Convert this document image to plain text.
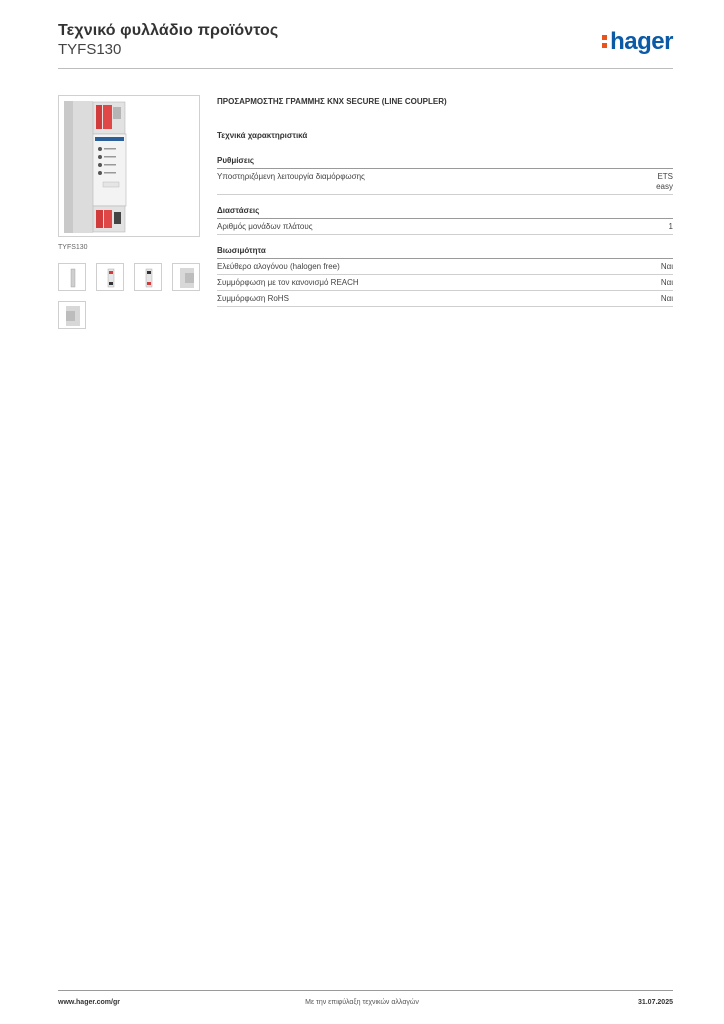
Τεχνικό φυλλάδιο προϊόντος
TYFS130	hager
TYFS130
ΠΡΟΣΑΡΜΟΣΤΗΣ ΓΡΑΜΜΗΣ KNX SECURE (LINE COUPLER)
Τεχνικά χαρακτηριστικά
Ρυθμίσεις
Υποστηριζόμενη λειτουργία διαμόρφωσης	ETS
easy
Διαστάσεις
Αριθμός μονάδων πλάτους	1
Βιωσιμότητα
Ελεύθερο αλογόνου (halogen free)	Ναι
Συμμόρφωση με τον κανονισμό REACH	Ναι
Συμμόρφωση RoHS	Ναι
www.hager.com/gr	Με την επιφύλαξη τεχνικών αλλαγών	31.07.2025
